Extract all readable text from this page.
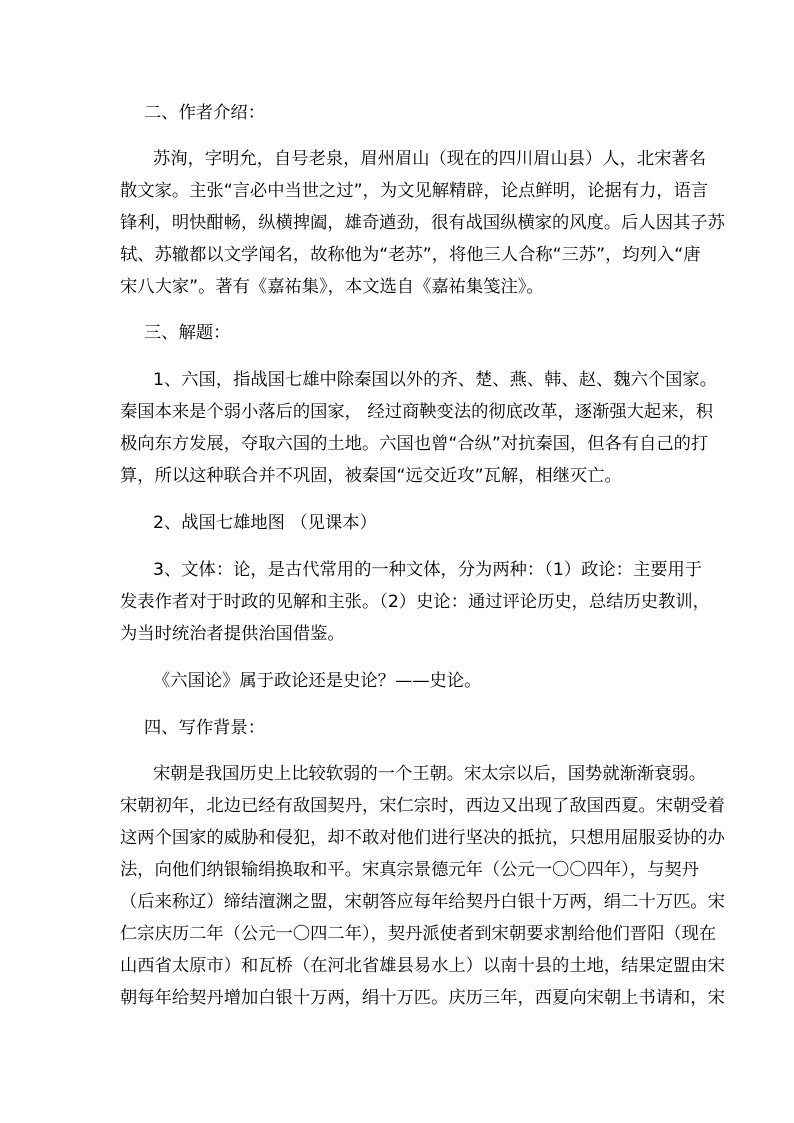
二、作者介绍：
苏洵，字明允，自号老泉，眉州眉山（现在的四川眉山县）人，北宋著名
散文家。主张“言必中当世之过”，为文见解精辟，论点鲜明，论据有力，语言
锋利，明快酣畅，纵横捭阖，雄奇遒劲，很有战国纵横家的风度。后人因其子苏
轼、苏辙都以文学闻名，故称他为“老苏”，将他三人合称“三苏”，均列入“唐
宋八大家”。著有《嘉祐集》，本文选自《嘉祐集笺注》。
三、解题：
1、六国，指战国七雄中除秦国以外的齐、楚、燕、韩、赵、魏六个国家。
秦国本来是个弱小落后的国家， 经过商鞅变法的彻底改革，逐渐强大起来，积
极向东方发展，夺取六国的土地。六国也曾“合纵”对抗秦国，但各有自己的打
算，所以这种联合并不巩固，被秦国“远交近攻”瓦解，相继灭亡。
2、战国七雄地图 （见课本）
3、文体：论，是古代常用的一种文体，分为两种：（1）政论：主要用于
发表作者对于时政的见解和主张。（2）史论：通过评论历史，总结历史教训，
为当时统治者提供治国借鉴。
《六国论》属于政论还是史论？——史论。
四、写作背景：
宋朝是我国历史上比较软弱的一个王朝。宋太宗以后，国势就渐渐衰弱。
宋朝初年，北边已经有敌国契丹，宋仁宗时，西边又出现了敌国西夏。宋朝受着
这两个国家的威胁和侵犯，却不敢对他们进行坚决的抵抗，只想用屈服妥协的办
法，向他们纳银输绢换取和平。宋真宗景德元年（公元一〇〇四年），与契丹
（后来称辽）缔结澶渊之盟，宋朝答应每年给契丹白银十万两，绢二十万匹。宋
仁宗庆历二年（公元一〇四二年），契丹派使者到宋朝要求割给他们晋阳（现在
山西省太原市）和瓦桥（在河北省雄县易水上）以南十县的土地，结果定盟由宋
朝每年给契丹增加白银十万两，绢十万匹。庆历三年，西夏向宋朝上书请和，宋
